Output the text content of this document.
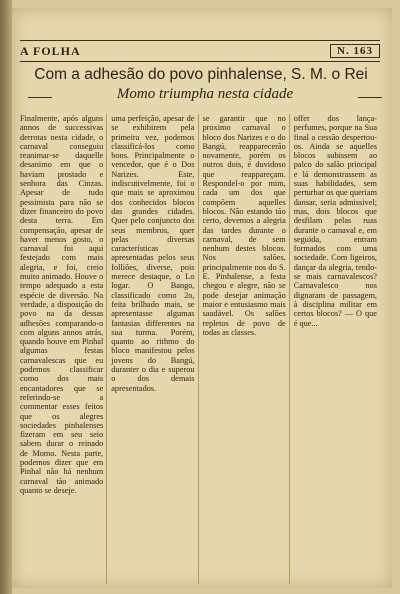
A FOLHA	N. 163
Com a adhesão do povo pinhalense, S. M. o Rei
Momo triumpha nesta cidade
Finalmente, após alguns annos de successivas derrotas nesta cidade, o carnaval conseguiu reanimar-se daquelle desanimo em que o haviam prostado e senhora das Cinzas. Apesar de tudo pessimista para não se dizer financeiro do povo desta terra. Em compensação, apesar de haver menos gosto, o carnaval foi aqui festejado com mais alegria, e foi, creio muito animado. Houve o tempo adequado a esta espécie de diversão. Na verdade, a disposição do povo na da dessas adhesões comparando-o com alguns annos atrás, quando houve em Pinhal algumas festas carnavalescas que eu podemos classificar como dos mais encantadores que se referindo-se a commentar esses feitos que os alegres sociedades pinhalenses fizeram em seu seio sabem durar o reinado de Momo. Nesta parte, podemos dizer que em Pinhal não há nenhum carnaval tão animado quanto se deseje.
uma perfeição, apesar de se exhibirem pela primeira vez, podemos classificá-los como bons. Principalmente o vencedor, que é o Dos Narizes. Este, indiscutivelmente, foi o que mais se aproximou dos conhecidos blocos das grandes cidades. Quer pelo conjuncto dos seus membros, quer pelas diversas características apresentadas pelos seus folliões, diverse, pois merece destaque, o Lo logar. O Bango, classificado como 2o, feita brilhado mais, se apresentasse algumas fantasias differentes na sua turma. Porém, quanto ao rithmo do bloco manifestou pelos jovens do Bangú, duranter o dia e superou o dos demais apresentados.
se garantir que no proximo carnaval o bloco dos Narizes e o do Bangú, reapparecerão novamente, porém os outros dois, é duvidoso que reappareçam. Respondel-o por mim, cada um dos que compõem aquelles blocos. Não estando tão certo, devemos a alegria das tardes durante o carnaval, de sem nenhum destes blocos. Nos salões, principalmente nos do S. E. Pinhalense, a festa chegou e alegre, não se pode desejar animação maior e entusiasmo mais saudável. Os salões repletos de povo de todas as classes.
offer dos lança-perfumes, porque na Sua final a cessão despertou-os. Ainda se aquelles blocos subissem ao palco do salão principal e lá demonstrassem as suas habilidades, sem perturbar os que queriam dansar, seria admissivel; mas, dois blocos que desfilam pelas ruas durante o carnaval e, em seguida, entram formados com uma sociedade. Com ligeiros, dançar da alegria, tendo-se mais carnavalescos? Carnavalesco nos dignaram de passagem, à disciplina militar em certos blocos? — O que é que...
